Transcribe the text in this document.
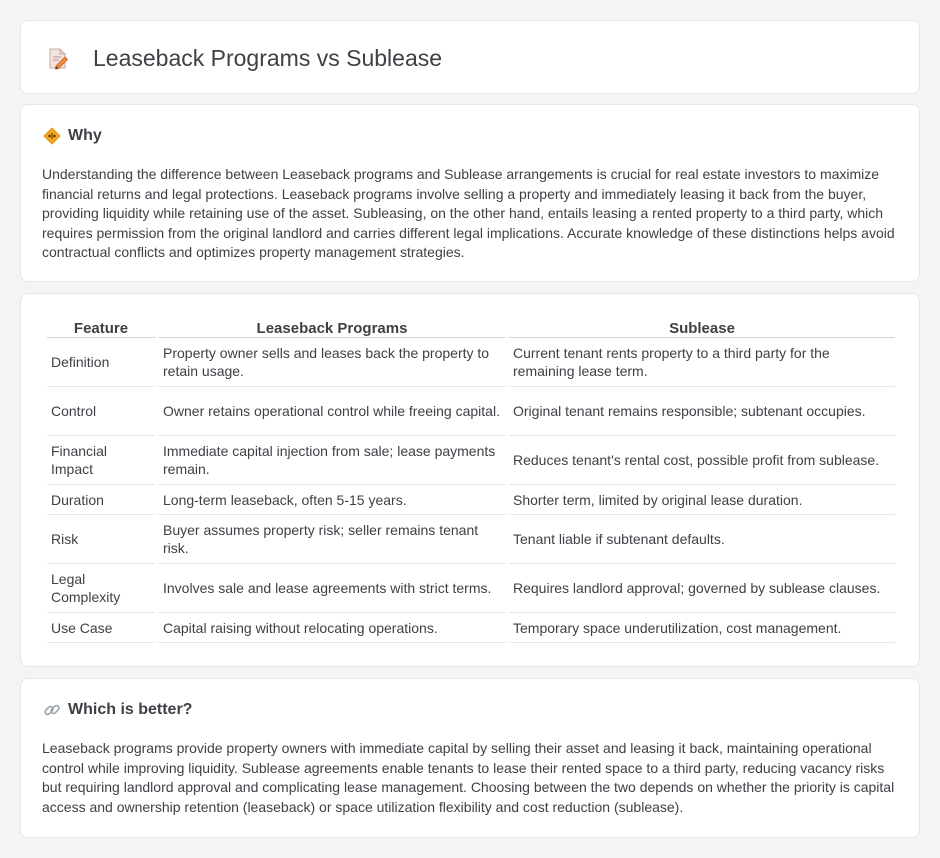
Leaseback Programs vs Sublease
Why

Understanding the difference between Leaseback programs and Sublease arrangements is crucial for real estate investors to maximize financial returns and legal protections. Leaseback programs involve selling a property and immediately leasing it back from the buyer, providing liquidity while retaining use of the asset. Subleasing, on the other hand, entails leasing a rented property to a third party, which requires permission from the original landlord and carries different legal implications. Accurate knowledge of these distinctions helps avoid contractual conflicts and optimizes property management strategies.

Feature	Leaseback Programs	Sublease
Definition	Property owner sells and leases back the property to retain usage.	Current tenant rents property to a third party for the remaining lease term.
Control	Owner retains operational control while freeing capital.	Original tenant remains responsible; subtenant occupies.
Financial Impact	Immediate capital injection from sale; lease payments remain.	Reduces tenant's rental cost, possible profit from sublease.
Duration	Long-term leaseback, often 5-15 years.	Shorter term, limited by original lease duration.
Risk	Buyer assumes property risk; seller remains tenant risk.	Tenant liable if subtenant defaults.
Legal Complexity	Involves sale and lease agreements with strict terms.	Requires landlord approval; governed by sublease clauses.
Use Case	Capital raising without relocating operations.	Temporary space underutilization, cost management.
Which is better?

Leaseback programs provide property owners with immediate capital by selling their asset and leasing it back, maintaining operational control while improving liquidity. Sublease agreements enable tenants to lease their rented space to a third party, reducing vacancy risks but requiring landlord approval and complicating lease management. Choosing between the two depends on whether the priority is capital access and ownership retention (leaseback) or space utilization flexibility and cost reduction (sublease).
